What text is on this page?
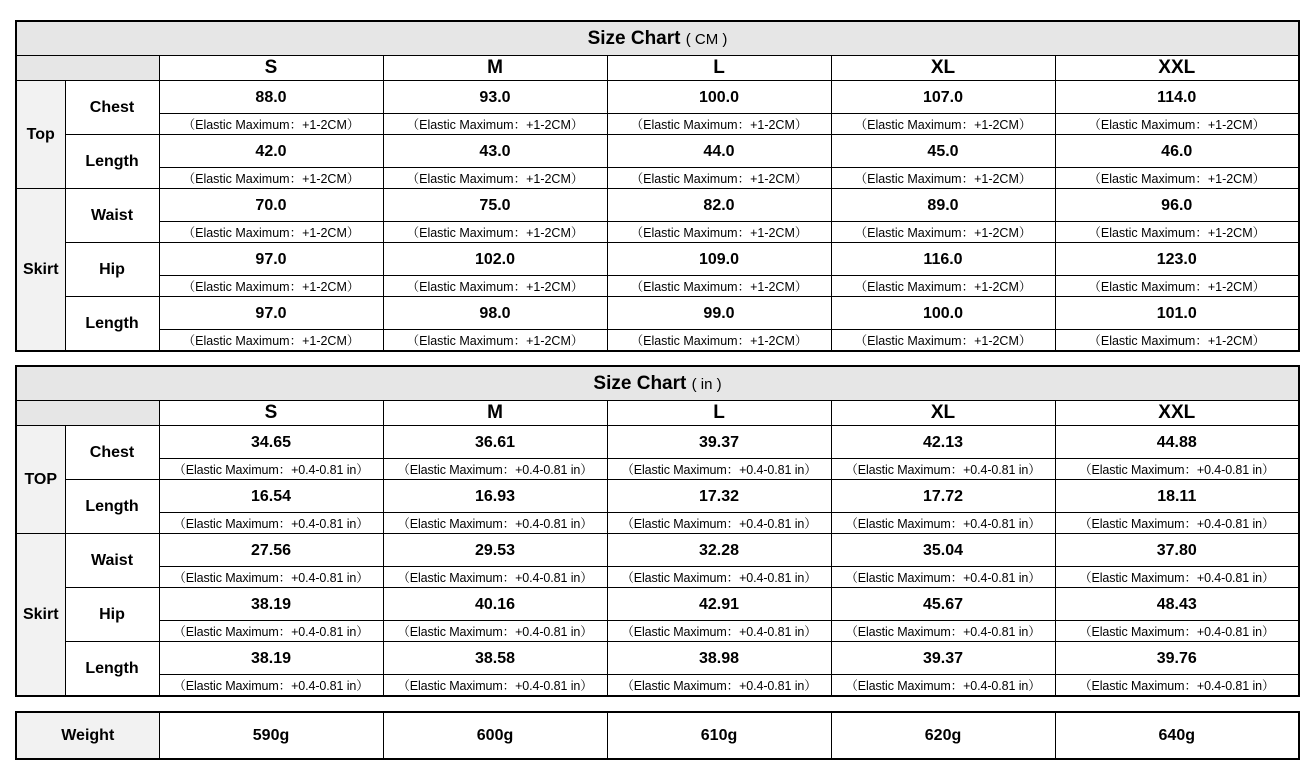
Size Chart ( CM )						
		S	M	L	XL	XXL
Top	Chest	88.0	93.0	100.0	107.0	114.0
		（Elastic Maximum：+1-2CM）	（Elastic Maximum：+1-2CM）	（Elastic Maximum：+1-2CM）	（Elastic Maximum：+1-2CM）	（Elastic Maximum：+1-2CM）
	Length	42.0	43.0	44.0	45.0	46.0
		（Elastic Maximum：+1-2CM）	（Elastic Maximum：+1-2CM）	（Elastic Maximum：+1-2CM）	（Elastic Maximum：+1-2CM）	（Elastic Maximum：+1-2CM）
Skirt	Waist	70.0	75.0	82.0	89.0	96.0
		（Elastic Maximum：+1-2CM）	（Elastic Maximum：+1-2CM）	（Elastic Maximum：+1-2CM）	（Elastic Maximum：+1-2CM）	（Elastic Maximum：+1-2CM）
	Hip	97.0	102.0	109.0	116.0	123.0
		（Elastic Maximum：+1-2CM）	（Elastic Maximum：+1-2CM）	（Elastic Maximum：+1-2CM）	（Elastic Maximum：+1-2CM）	（Elastic Maximum：+1-2CM）
	Length	97.0	98.0	99.0	100.0	101.0
		（Elastic Maximum：+1-2CM）	（Elastic Maximum：+1-2CM）	（Elastic Maximum：+1-2CM）	（Elastic Maximum：+1-2CM）	（Elastic Maximum：+1-2CM）
Size Chart ( in )						
		S	M	L	XL	XXL
TOP	Chest	34.65	36.61	39.37	42.13	44.88
		（Elastic Maximum：+0.4-0.81 in）	（Elastic Maximum：+0.4-0.81 in）	（Elastic Maximum：+0.4-0.81 in）	（Elastic Maximum：+0.4-0.81 in）	（Elastic Maximum：+0.4-0.81 in）
	Length	16.54	16.93	17.32	17.72	18.11
		（Elastic Maximum：+0.4-0.81 in）	（Elastic Maximum：+0.4-0.81 in）	（Elastic Maximum：+0.4-0.81 in）	（Elastic Maximum：+0.4-0.81 in）	（Elastic Maximum：+0.4-0.81 in）
Skirt	Waist	27.56	29.53	32.28	35.04	37.80
		（Elastic Maximum：+0.4-0.81 in）	（Elastic Maximum：+0.4-0.81 in）	（Elastic Maximum：+0.4-0.81 in）	（Elastic Maximum：+0.4-0.81 in）	（Elastic Maximum：+0.4-0.81 in）
	Hip	38.19	40.16	42.91	45.67	48.43
		（Elastic Maximum：+0.4-0.81 in）	（Elastic Maximum：+0.4-0.81 in）	（Elastic Maximum：+0.4-0.81 in）	（Elastic Maximum：+0.4-0.81 in）	（Elastic Maximum：+0.4-0.81 in）
	Length	38.19	38.58	38.98	39.37	39.76
		（Elastic Maximum：+0.4-0.81 in）	（Elastic Maximum：+0.4-0.81 in）	（Elastic Maximum：+0.4-0.81 in）	（Elastic Maximum：+0.4-0.81 in）	（Elastic Maximum：+0.4-0.81 in）
Weight	590g	600g	610g	620g	640g
